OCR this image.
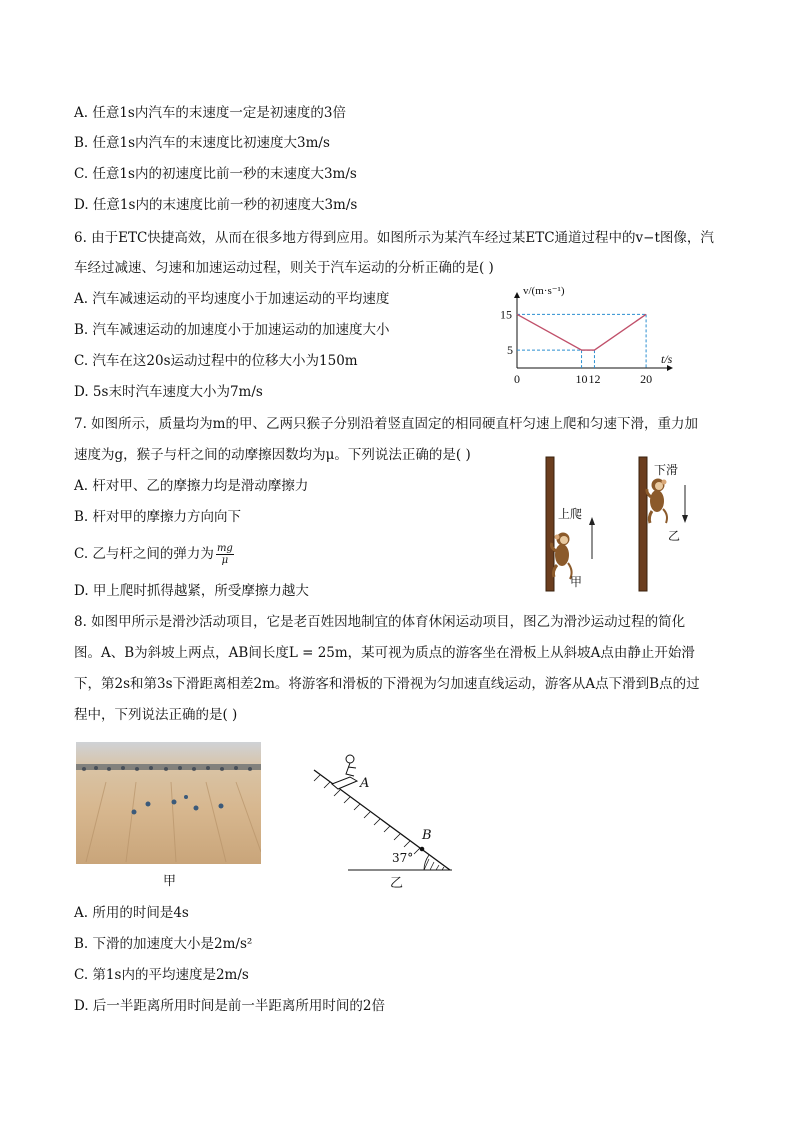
A. 任意1s内汽车的末速度一定是初速度的3倍
B. 任意1s内汽车的末速度比初速度大3m/s
C. 任意1s内的初速度比前一秒的末速度大3m/s
D. 任意1s内的末速度比前一秒的初速度大3m/s
6. 由于ETC快捷高效，从而在很多地方得到应用。如图所示为某汽车经过某ETC通道过程中的v−t图像，汽
车经过减速、匀速和加速运动过程，则关于汽车运动的分析正确的是( )
A. 汽车减速运动的平均速度小于加速运动的平均速度
B. 汽车减速运动的加速度小于加速运动的加速度大小
C. 汽车在这20s运动过程中的位移大小为150m
D. 5s末时汽车速度大小为7m/s
10 12	20
5
15
0
t/s
v/(m·s⁻¹)
7. 如图所示，质量均为m的甲、乙两只猴子分别沿着竖直固定的相同硬直杆匀速上爬和匀速下滑，重力加
速度为g，猴子与杆之间的动摩擦因数均为μ。下列说法正确的是( )
A. 杆对甲、乙的摩擦力均是滑动摩擦力
B. 杆对甲的摩擦力方向向下
C. 乙与杆之间的弹力为 $\frac{mg}{\mu}$
D. 甲上爬时抓得越紧，所受摩擦力越大
上爬
甲
下滑
乙
8. 如图甲所示是滑沙活动项目，它是老百姓因地制宜的体育休闲运动项目，图乙为滑沙运动过程的简化
图。A、B为斜坡上两点，AB间长度L = 25m，某可视为质点的游客坐在滑板上从斜坡A点由静止开始滑
下，第2s和第3s下滑距离相差2m。将游客和滑板的下滑视为匀加速直线运动，游客从A点下滑到B点的过
程中，下列说法正确的是( )
甲
A
B
37°
乙
A. 所用的时间是4s
B. 下滑的加速度大小是2m/s²
C. 第1s内的平均速度是2m/s
D. 后一半距离所用时间是前一半距离所用时间的2倍
